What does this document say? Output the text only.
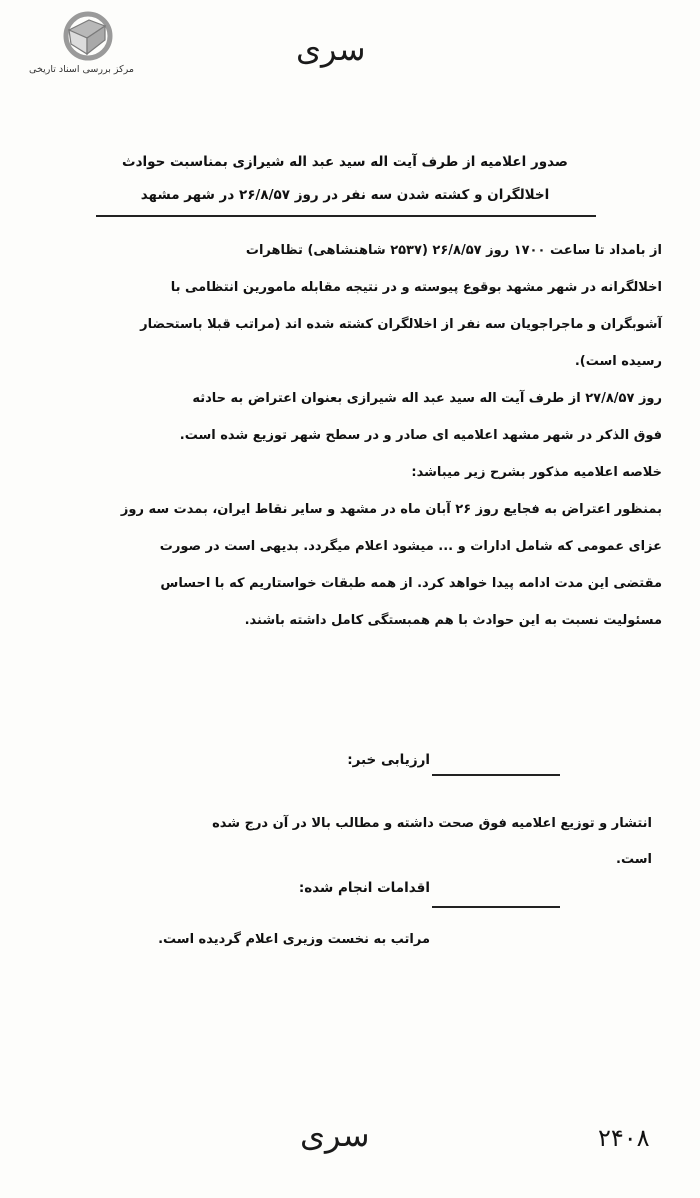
مرکز بررسی اسناد تاریخی
سری
صدور اعلامیه از طرف آیت اله سید عبد اله شیرازی بمناسبت حوادث
اخلالگران و کشته شدن سه نفر در روز ۲۶/۸/۵۷ در شهر مشهد

از بامداد تا ساعت ۱۷۰۰ روز ۲۶/۸/۵۷ (۲۵۳۷ شاهنشاهی) تظاهرات

اخلالگرانه در شهر مشهد بوقوع پیوسته و در نتیجه مقابله مامورین انتظامی با

آشوبگران و ماجراجویان سه نفر از اخلالگران کشته شده اند (مراتب قبلا باستحضار

رسیده است).

روز ۲۷/۸/۵۷ از طرف آیت اله سید عبد اله شیرازی بعنوان اعتراض به حادثه

فوق الذکر در شهر مشهد اعلامیه ای صادر و در سطح شهر توزیع شده است.

خلاصه اعلامیه مذکور بشرح زیر میباشد:

بمنظور اعتراض به فجایع روز ۲۶ آبان ماه در مشهد و سایر نقاط ایران، بمدت سه روز

عزای عمومی که شامل ادارات و ... میشود اعلام میگردد. بدیهی است در صورت

مقتضی این مدت ادامه پیدا خواهد کرد. از همه طبقات خواستاریم که با احساس

مسئولیت نسبت به این حوادث با هم همبستگی کامل داشته باشند.

ارزیابی خبر:
انتشار و توزیع اعلامیه فوق صحت داشته و مطالب بالا در آن درج شده
است.
اقدامات انجام شده:
مراتب به نخست وزیری اعلام گردیده است.
سری	۲۴۰۸
